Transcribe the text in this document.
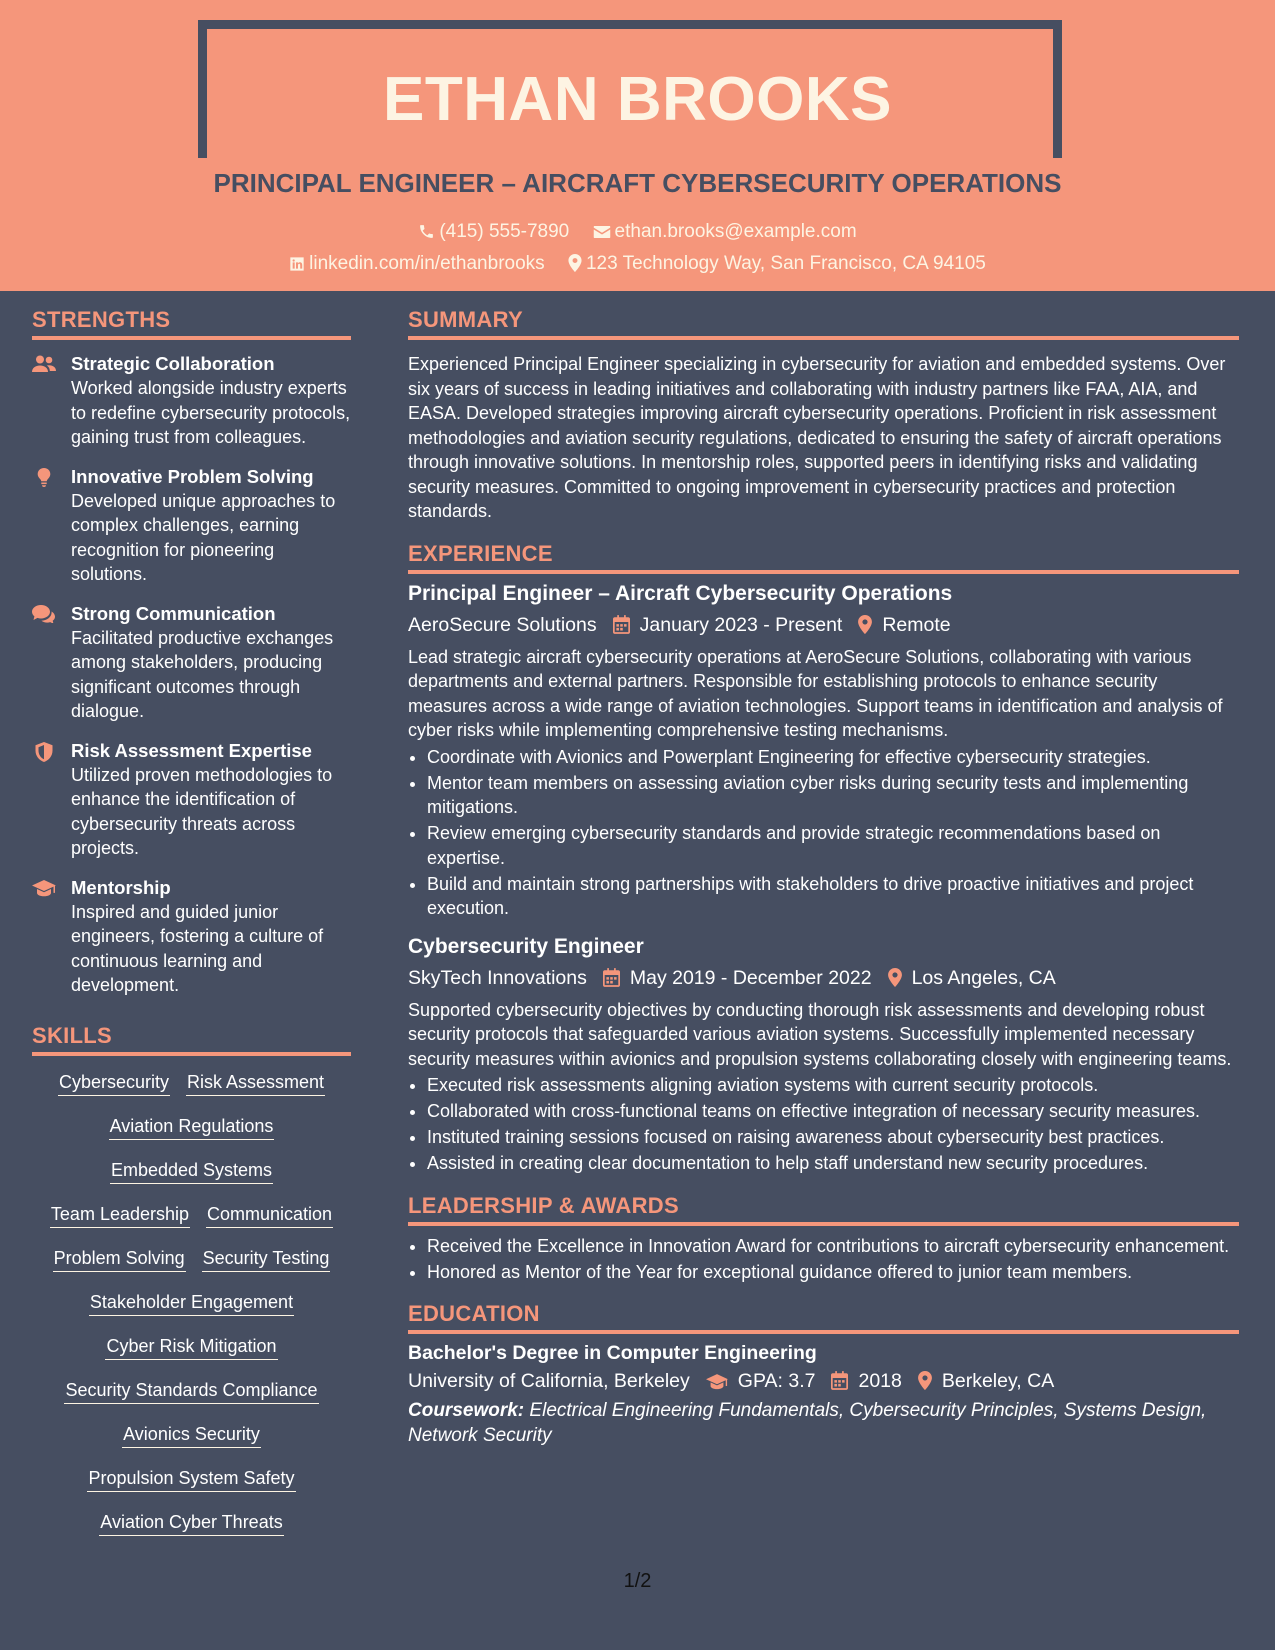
ETHAN BROOKS
PRINCIPAL ENGINEER – AIRCRAFT CYBERSECURITY OPERATIONS
(415) 555-7890 ethan.brooks@example.com
linkedin.com/in/ethanbrooks 123 Technology Way, San Francisco, CA 94105
STRENGTHS
Strategic Collaboration
Worked alongside industry experts to redefine cybersecurity protocols, gaining trust from colleagues.
Innovative Problem Solving
Developed unique approaches to complex challenges, earning recognition for pioneering solutions.
Strong Communication
Facilitated productive exchanges among stakeholders, producing significant outcomes through dialogue.
Risk Assessment Expertise
Utilized proven methodologies to enhance the identification of cybersecurity threats across projects.
Mentorship
Inspired and guided junior engineers, fostering a culture of continuous learning and development.
SKILLS
Cybersecurity Risk Assessment
Aviation Regulations
Embedded Systems
Team Leadership Communication
Problem Solving Security Testing
Stakeholder Engagement
Cyber Risk Mitigation
Security Standards Compliance
Avionics Security
Propulsion System Safety
Aviation Cyber Threats
SUMMARY

Experienced Principal Engineer specializing in cybersecurity for aviation and embedded systems. Over six years of success in leading initiatives and collaborating with industry partners like FAA, AIA, and EASA. Developed strategies improving aircraft cybersecurity operations. Proficient in risk assessment methodologies and aviation security regulations, dedicated to ensuring the safety of aircraft operations through innovative solutions. In mentorship roles, supported peers in identifying risks and validating security measures. Committed to ongoing improvement in cybersecurity practices and protection standards.

EXPERIENCE
Principal Engineer – Aircraft Cybersecurity Operations
AeroSecure Solutions January 2023 - Present Remote

Lead strategic aircraft cybersecurity operations at AeroSecure Solutions, collaborating with various departments and external partners. Responsible for establishing protocols to enhance security measures across a wide range of aviation technologies. Support teams in identification and analysis of cyber risks while implementing comprehensive testing mechanisms.

• Coordinate with Avionics and Powerplant Engineering for effective cybersecurity strategies.
• Mentor team members on assessing aviation cyber risks during security tests and implementing mitigations.
• Review emerging cybersecurity standards and provide strategic recommendations based on expertise.
• Build and maintain strong partnerships with stakeholders to drive proactive initiatives and project execution.
Cybersecurity Engineer
SkyTech Innovations May 2019 - December 2022 Los Angeles, CA

Supported cybersecurity objectives by conducting thorough risk assessments and developing robust security protocols that safeguarded various aviation systems. Successfully implemented necessary security measures within avionics and propulsion systems collaborating closely with engineering teams.

• Executed risk assessments aligning aviation systems with current security protocols.
• Collaborated with cross-functional teams on effective integration of necessary security measures.
• Instituted training sessions focused on raising awareness about cybersecurity best practices.
• Assisted in creating clear documentation to help staff understand new security procedures.
LEADERSHIP & AWARDS
• Received the Excellence in Innovation Award for contributions to aircraft cybersecurity enhancement.
• Honored as Mentor of the Year for exceptional guidance offered to junior team members.
EDUCATION
Bachelor's Degree in Computer Engineering
University of California, Berkeley GPA: 3.7 2018 Berkeley, CA
Coursework: Electrical Engineering Fundamentals, Cybersecurity Principles, Systems Design, Network Security
1/2
